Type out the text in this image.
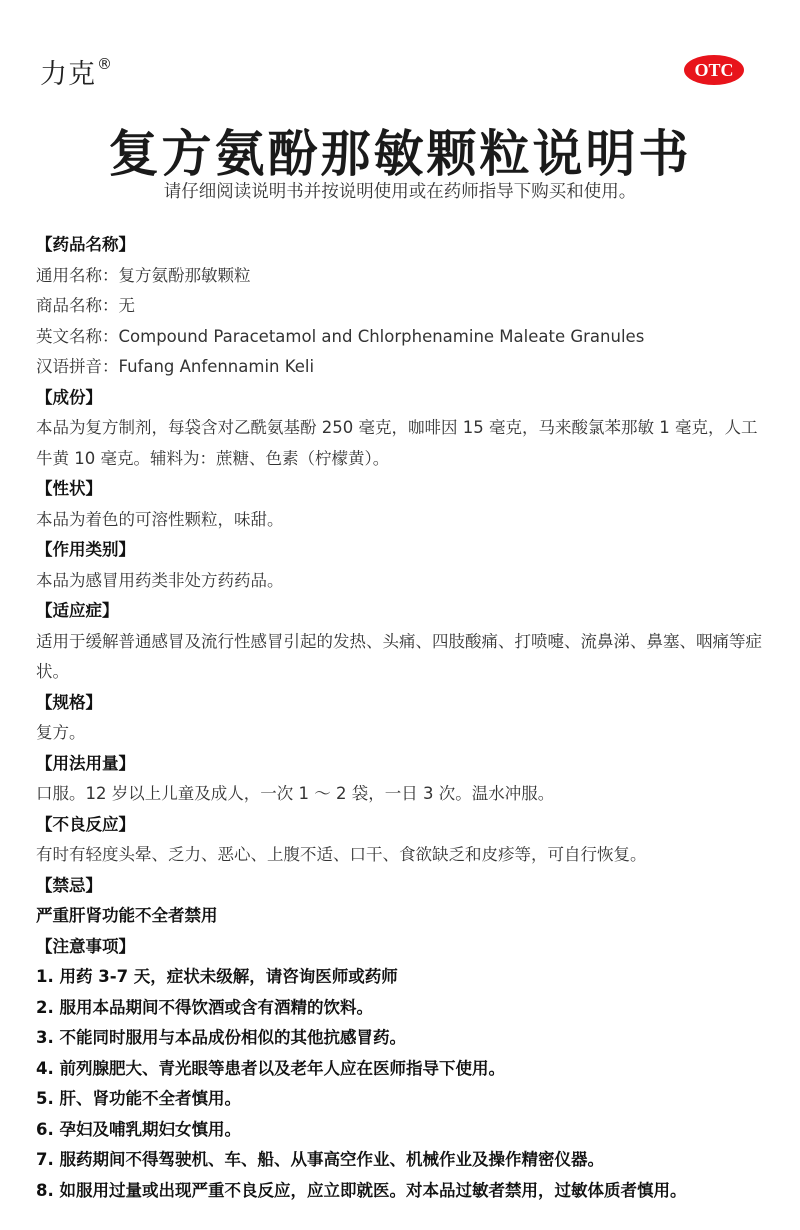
力克®	OTC
复方氨酚那敏颗粒说明书
请仔细阅读说明书并按说明使用或在药师指导下购买和使用。
【药品名称】
通用名称：复方氨酚那敏颗粒
商品名称：无
英文名称：Compound Paracetamol and Chlorphenamine Maleate Granules
汉语拼音：Fufang Anfennamin Keli
【成份】
本品为复方制剂，每袋含对乙酰氨基酚 250 毫克，咖啡因 15 毫克，马来酸氯苯那敏 1 毫克，人工牛黄 10 毫克。辅料为：蔗糖、色素（柠檬黄）。
【性状】
本品为着色的可溶性颗粒，味甜。
【作用类别】
本品为感冒用药类非处方药药品。
【适应症】
适用于缓解普通感冒及流行性感冒引起的发热、头痛、四肢酸痛、打喷嚏、流鼻涕、鼻塞、咽痛等症状。
【规格】
复方。
【用法用量】
口服。12 岁以上儿童及成人，一次 1 ～ 2 袋，一日 3 次。温水冲服。
【不良反应】
有时有轻度头晕、乏力、恶心、上腹不适、口干、食欲缺乏和皮疹等，可自行恢复。
【禁忌】
严重肝肾功能不全者禁用
【注意事项】
1. 用药 3-7 天，症状未级解，请咨询医师或药师
2. 服用本品期间不得饮酒或含有酒精的饮料。
3. 不能同时服用与本品成份相似的其他抗感冒药。
4. 前列腺肥大、青光眼等患者以及老年人应在医师指导下使用。
5. 肝、肾功能不全者慎用。
6. 孕妇及哺乳期妇女慎用。
7. 服药期间不得驾驶机、车、船、从事高空作业、机械作业及操作精密仪器。
8. 如服用过量或出现严重不良反应，应立即就医。对本品过敏者禁用，过敏体质者慎用。
